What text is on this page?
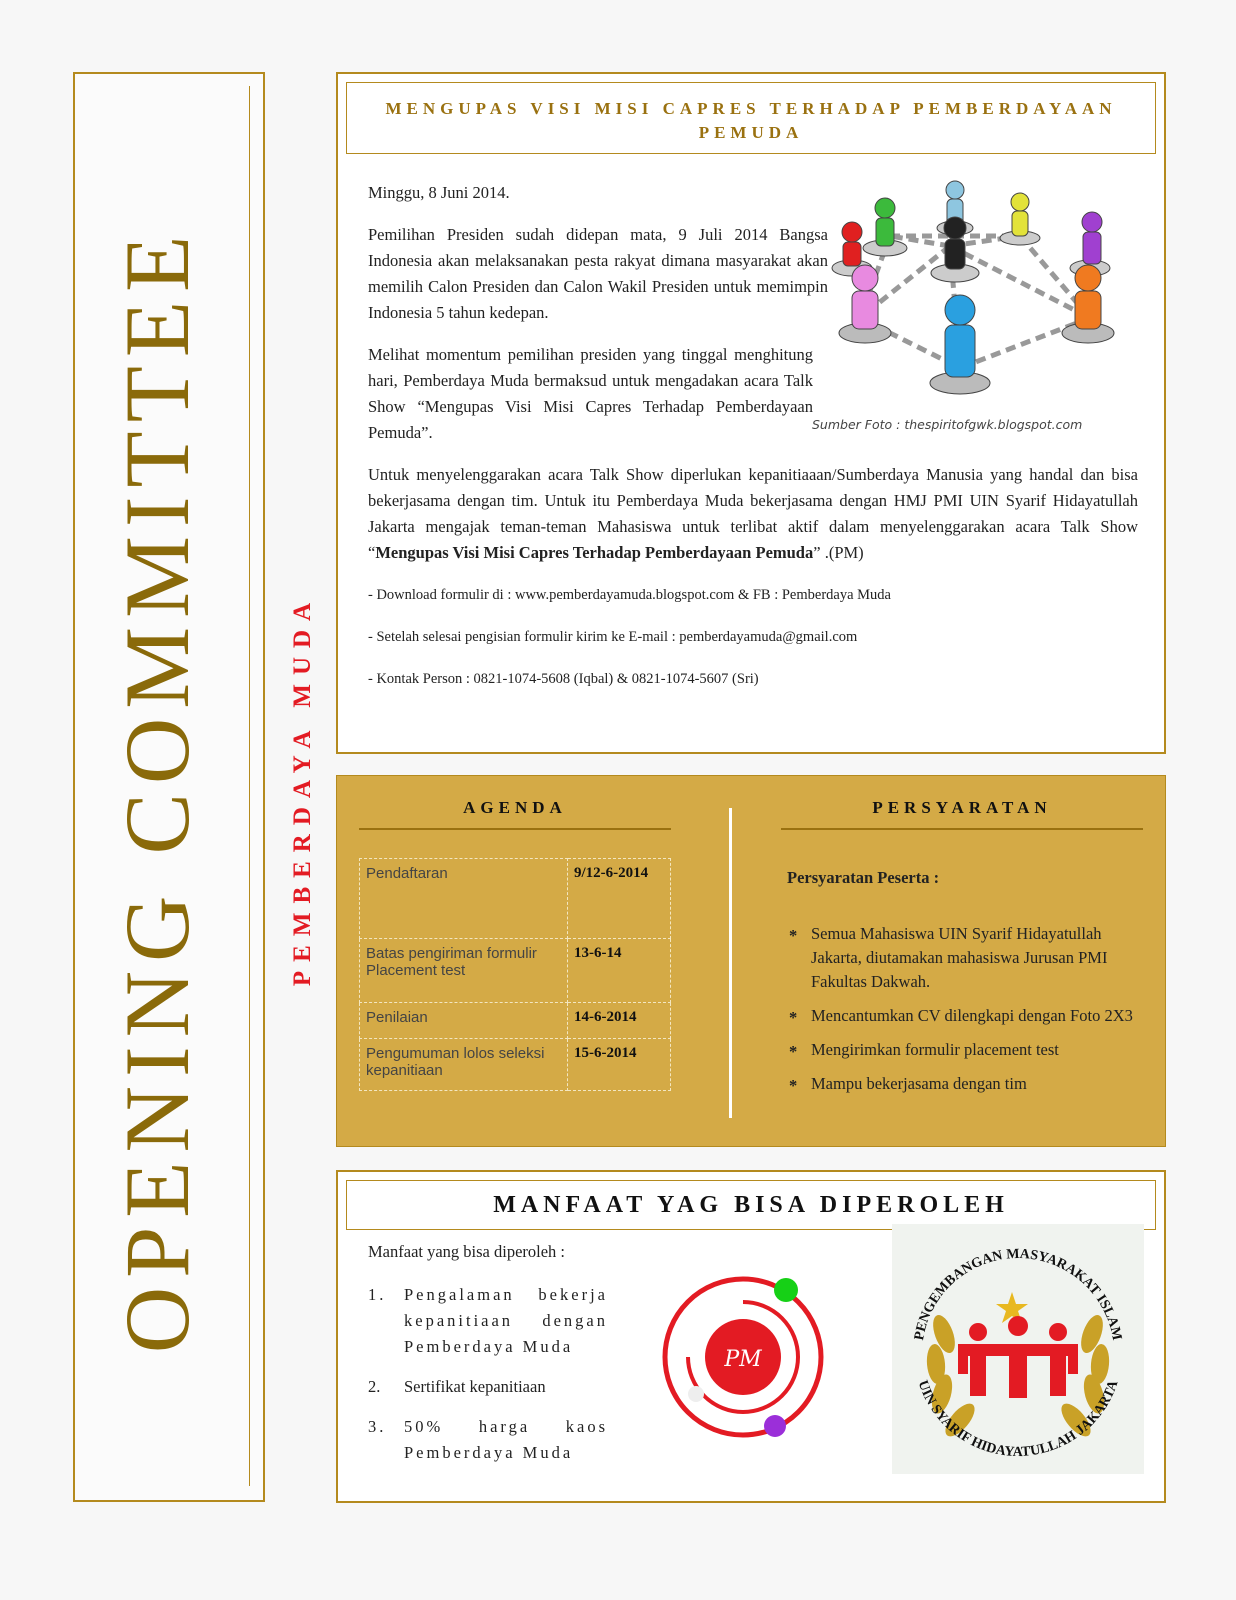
OPENING COMMITTEE	PEMBERDAYA MUDA
MENGUPAS VISI MISI CAPRES TERHADAP PEMBERDAYAAN PEMUDA
Sumber Foto : thespiritofgwk.blogspot.com

Minggu, 8 Juni 2014.

Pemilihan Presiden sudah didepan mata, 9 Juli 2014 Bangsa Indonesia akan melaksanakan pesta rakyat dimana masyarakat akan memilih Calon Presiden dan Calon Wakil Presiden untuk memimpin Indonesia 5 tahun kedepan.

Melihat momentum pemilihan presiden yang tinggal menghitung hari, Pemberdaya Muda bermaksud untuk mengadakan acara Talk Show “Mengupas Visi Misi Capres Terhadap Pemberdayaan Pemuda”.

Untuk menyelenggarakan acara Talk Show diperlukan kepanitiaaan/Sumberdaya Manusia yang handal dan bisa bekerjasama dengan tim. Untuk itu Pemberdaya Muda bekerjasama dengan HMJ PMI UIN Syarif Hidayatullah Jakarta mengajak teman-teman Mahasiswa untuk terlibat aktif dalam menyelenggarakan acara Talk Show “Mengupas Visi Misi Capres Terhadap Pemberdayaan Pemuda” .(PM)

- Download formulir di : www.pemberdayamuda.blogspot.com & FB : Pemberdaya Muda

- Setelah selesai pengisian formulir kirim ke E-mail : pemberdayamuda@gmail.com

- Kontak Person : 0821-1074-5608 (Iqbal) & 0821-1074-5607 (Sri)

AGENDA
Pendaftaran	9/12-6-2014
Batas pengiriman formulir Placement test	13-6-14
Penilaian	14-6-2014
Pengumuman lolos seleksi kepanitiaan	15-6-2014
PERSYARATAN
Persyaratan Peserta :
* Semua Mahasiswa UIN Syarif Hidayatullah Jakarta, diutamakan mahasiswa Jurusan PMI Fakultas Dakwah.
* Mencantumkan CV dilengkapi dengan Foto 2X3
* Mengirimkan formulir placement test
* Mampu bekerjasama dengan tim
MANFAAT YAG BISA DIPEROLEH
Manfaat yang bisa diperoleh :
1. Pengalaman bekerja kepanitiaan dengan Pemberdaya Muda
2. Sertifikat kepanitiaan
3. 50% harga kaos Pemberdaya Muda
PM
PENGEMBANGAN MASYARAKAT ISLAM
UIN SYARIF HIDAYATULLAH JAKARTA
